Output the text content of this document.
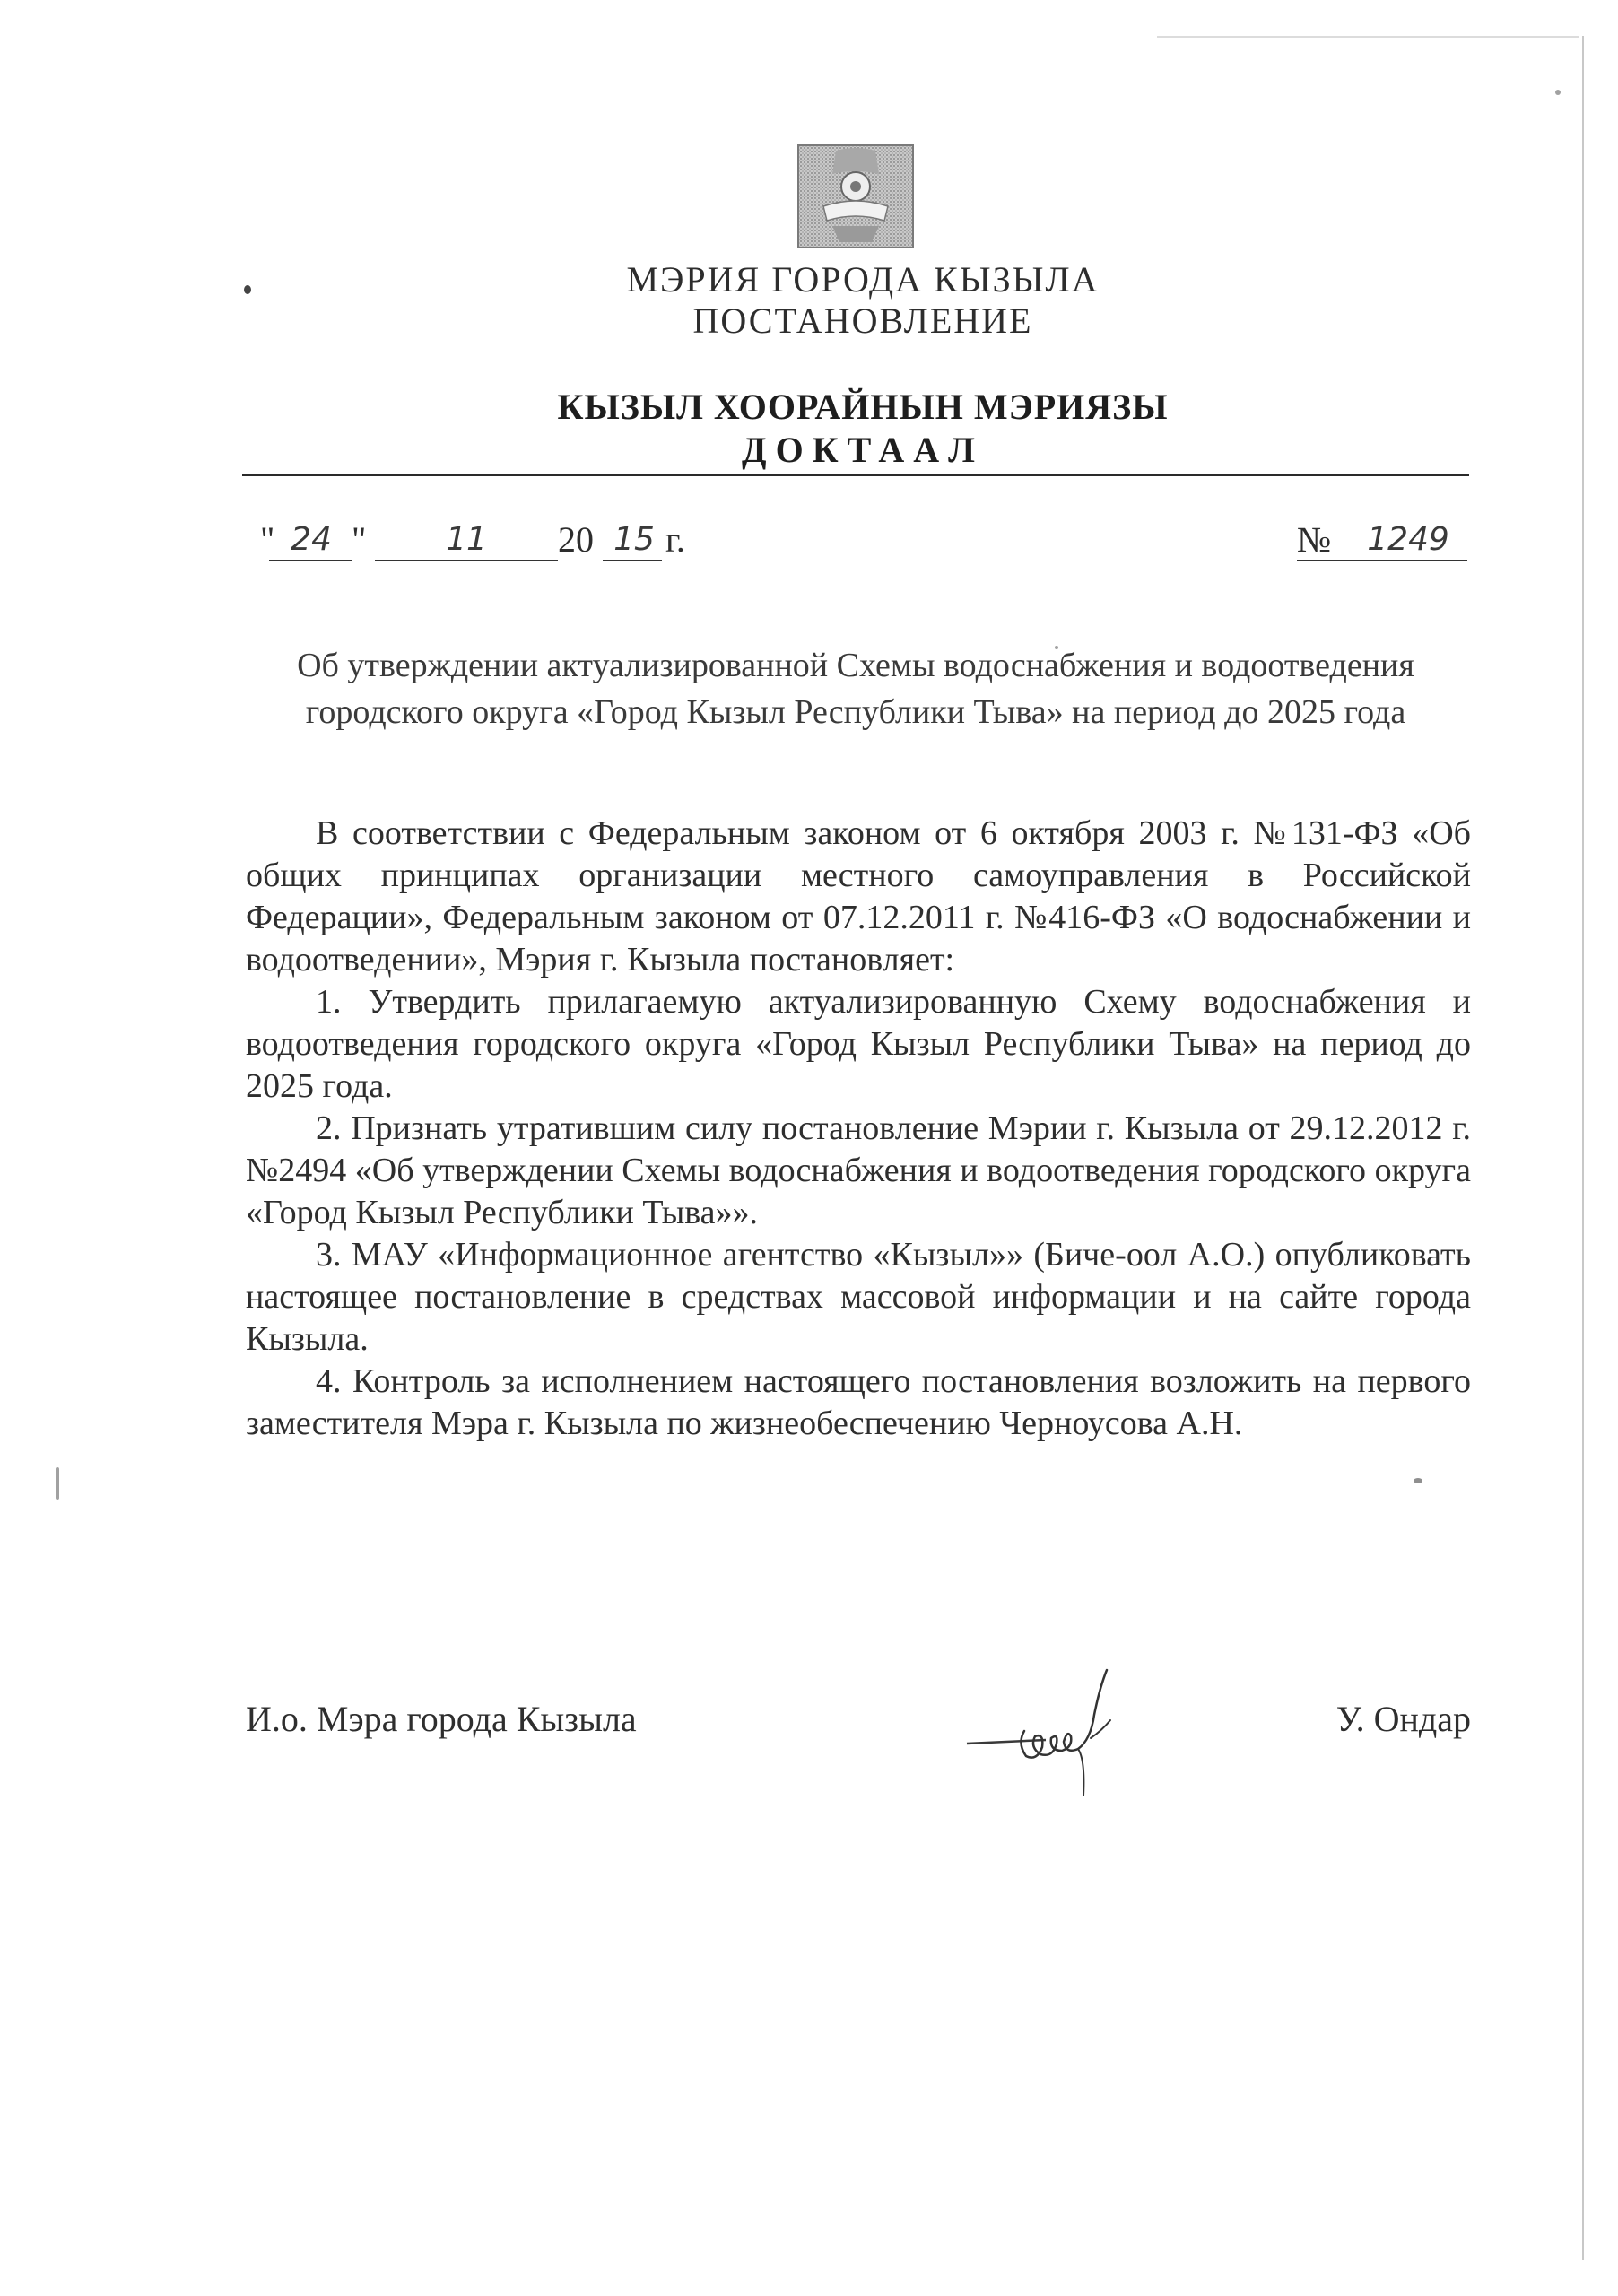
МЭРИЯ ГОРОДА КЫЗЫЛА
ПОСТАНОВЛЕНИЕ
КЫЗЫЛ ХООРАЙНЫН МЭРИЯЗЫ
ДОКТААЛ
" 24 "	11	20 15 г.	№	1249
Об утверждении актуализированной Схемы водоснабжения и водоотведения
городского округа «Город Кызыл Республики Тыва» на период до 2025 года

В соответствии с Федеральным законом от 6 октября 2003 г. №131-ФЗ «Об общих принципах организации местного самоуправления в Российской Федерации», Федеральным законом от 07.12.2011 г. №416-ФЗ «О водоснабжении и водоотведении», Мэрия г. Кызыла постановляет:

1. Утвердить прилагаемую актуализированную Схему водоснабжения и водоотведения городского округа «Город Кызыл Республики Тыва» на период до 2025 года.

2. Признать утратившим силу постановление Мэрии г. Кызыла от 29.12.2012 г. №2494 «Об утверждении Схемы водоснабжения и водоотведения городского округа «Город Кызыл Республики Тыва»».

3. МАУ «Информационное агентство «Кызыл»» (Биче-оол А.О.) опубликовать настоящее постановление в средствах массовой информации и на сайте города Кызыла.

4. Контроль за исполнением настоящего постановления возложить на первого заместителя Мэра г. Кызыла по жизнеобеспечению Черноусова А.Н.

И.о. Мэра города Кызыла	У. Ондар
